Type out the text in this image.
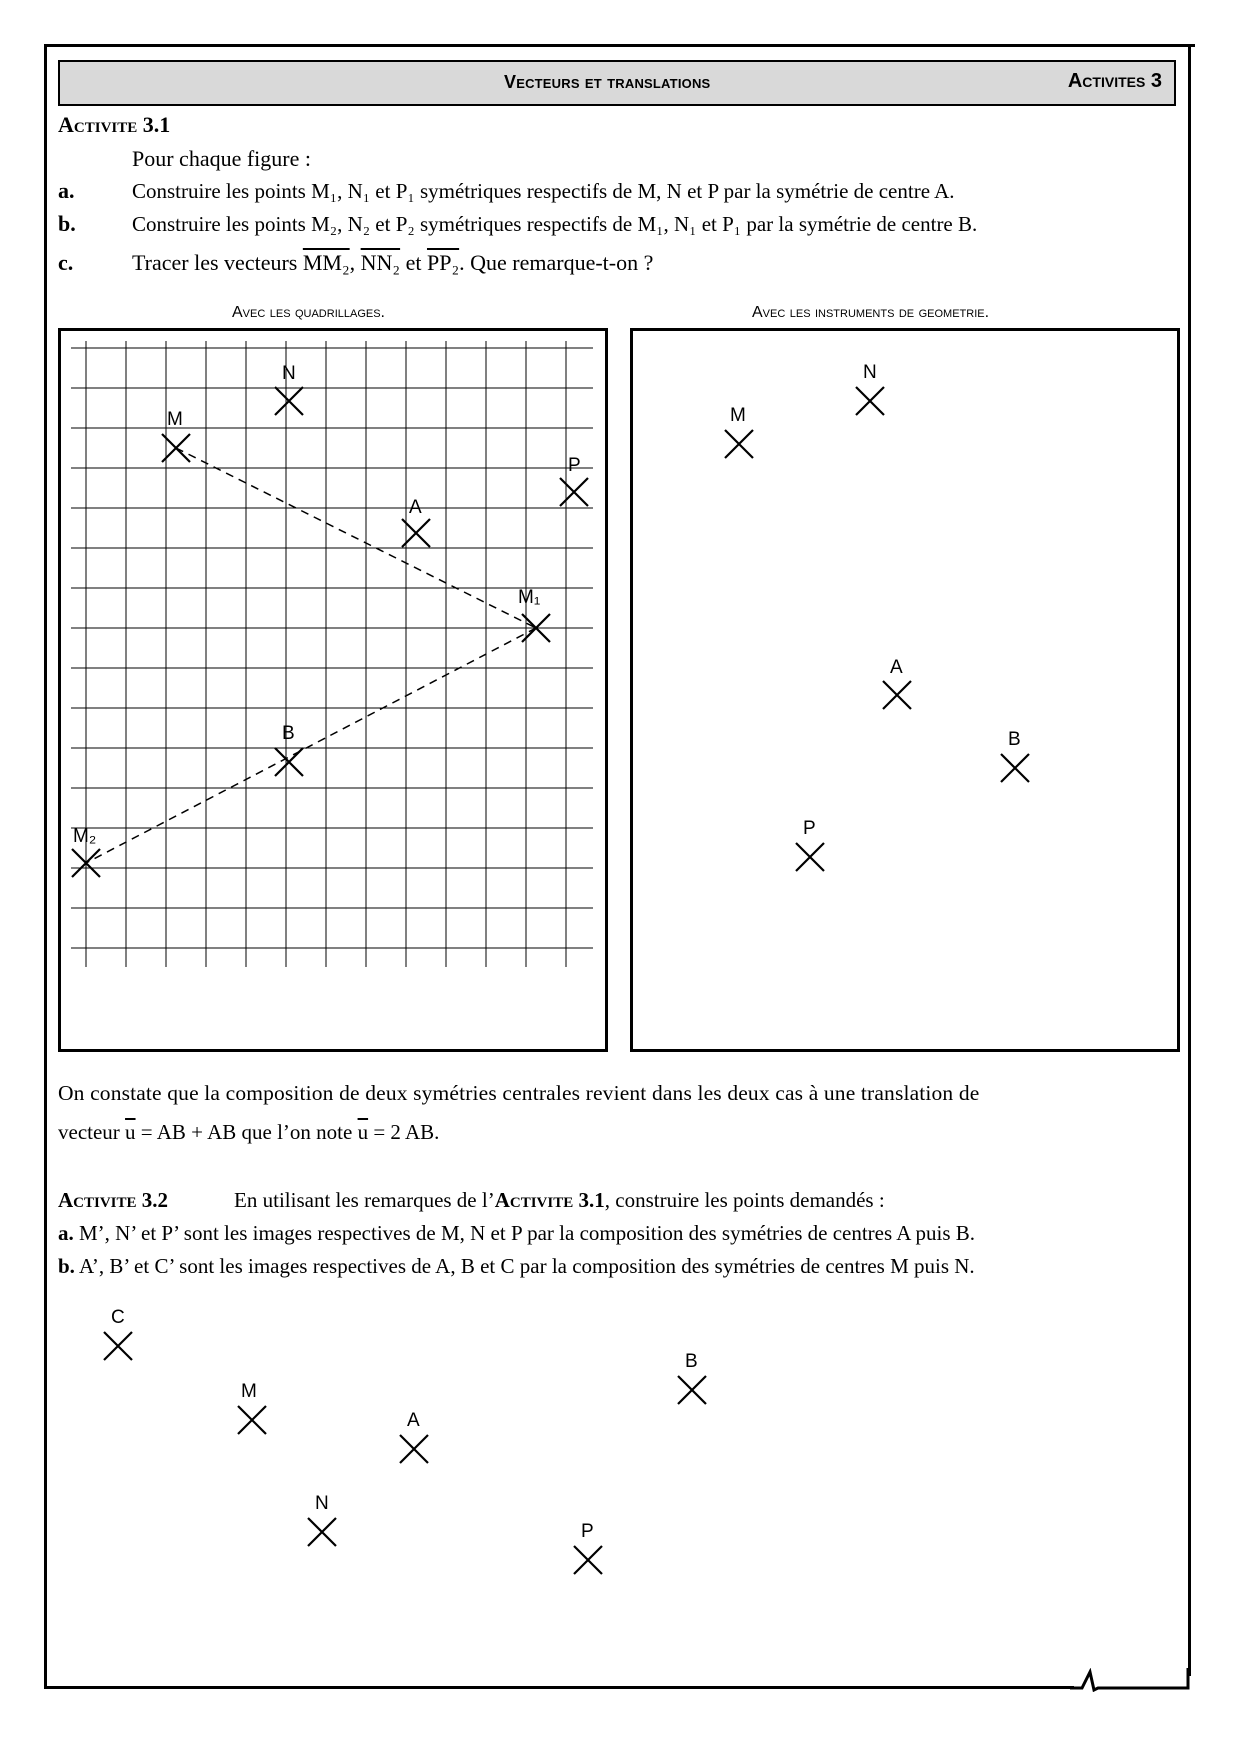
Vecteurs et translations	Activites 3
Activite 3.1
Pour chaque figure :
a.	Construire les points M₁, N₁ et P₁ symétriques respectifs de M, N et P par la symétrie de centre A.
b.	Construire les points M₂, N₂ et P₂ symétriques respectifs de M₁, N₁ et P₁ par la symétrie de centre B.
c.	Tracer les vecteurs MM₂, NN₂ et PP₂. Que remarque-t-on ?
Avec les quadrillages.	Avec les instruments de geometrie.
N
M
P
A
M₁
B
M₂
N
M
A
B
P
On constate que la composition de deux symétries centrales revient dans les deux cas à une translation de
vecteur $\overline{u}$ = AB + AB que l’on note $\overline{u} = 2$ AB.
Activite 3.2	En utilisant les remarques de l’Activite 3.1, construire les points demandés :
a. M’, N’ et P’ sont les images respectives de M, N et P par la composition des symétries de centres A puis B.
b. A’, B’ et C’ sont les images respectives de A, B et C par la composition des symétries de centres M puis N.
C
B
M
A
N
P
